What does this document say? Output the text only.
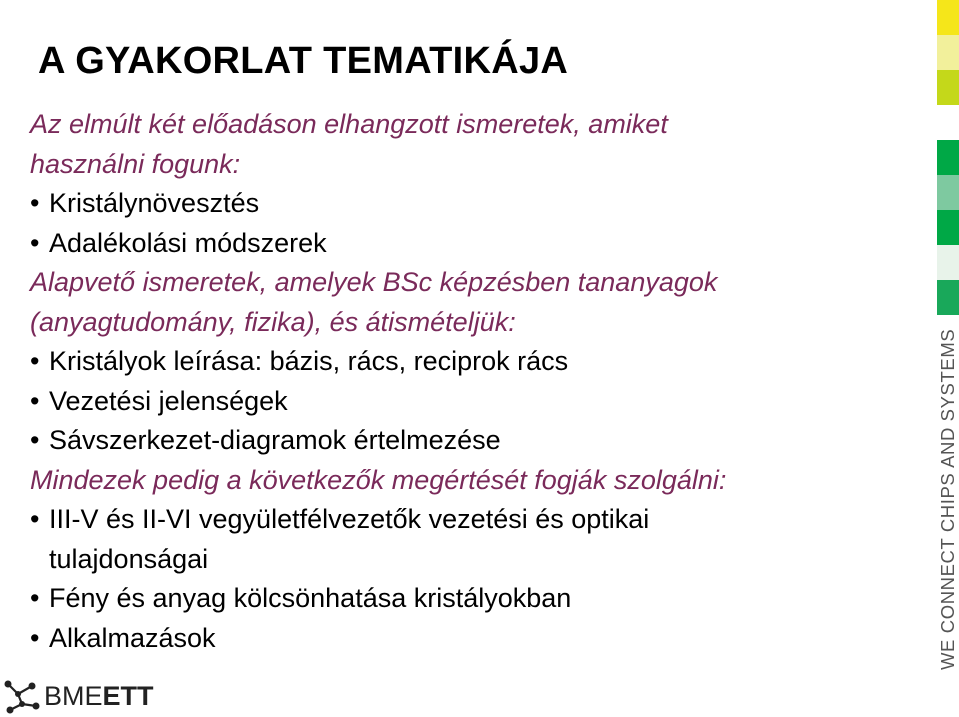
A GYAKORLAT TEMATIKÁJA
Az elmúlt két előadáson elhangzott ismeretek, amiket
használni fogunk:
• Kristálynövesztés
• Adalékolási módszerek
Alapvető ismeretek, amelyek BSc képzésben tananyagok
(anyagtudomány, fizika), és átismételjük:
• Kristályok leírása: bázis, rács, reciprok rács
• Vezetési jelenségek
• Sávszerkezet-diagramok értelmezése
Mindezek pedig a következők megértését fogják szolgálni:
• III-V és II-VI vegyületfélvezetők vezetési és optikai
tulajdonságai
• Fény és anyag kölcsönhatása kristályokban
• Alkalmazások	WE CONNECT CHIPS AND SYSTEMS
BMEETT
